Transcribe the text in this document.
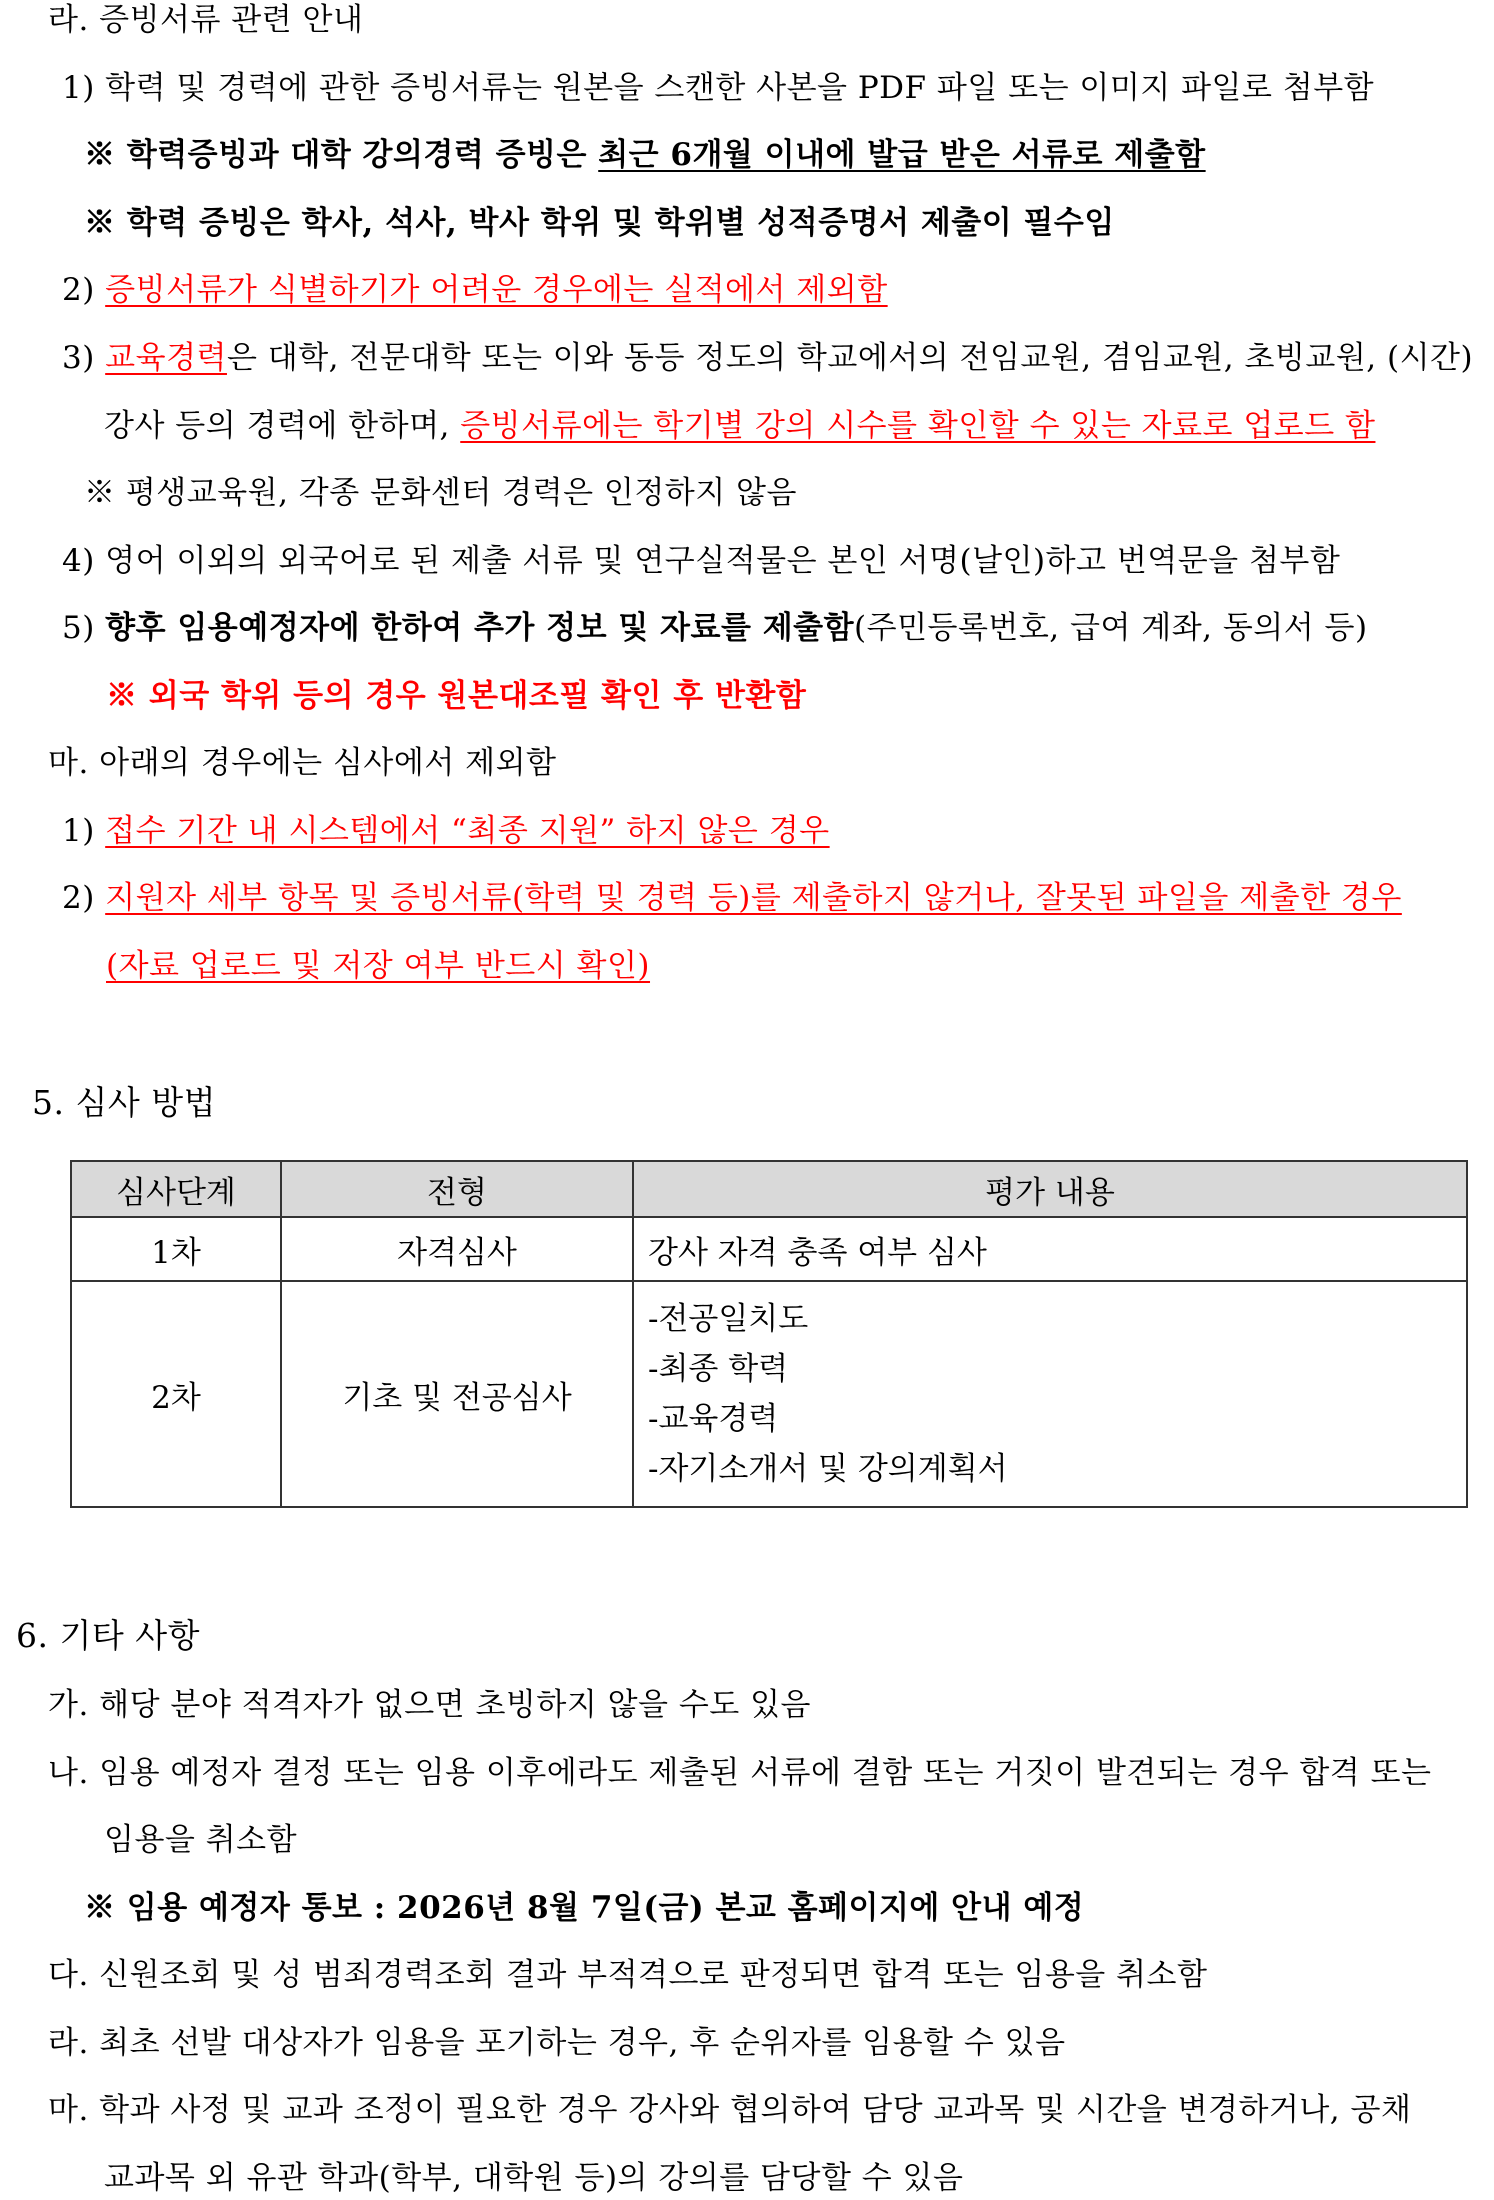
라. 증빙서류 관련 안내
1) 학력 및 경력에 관한 증빙서류는 원본을 스캔한 사본을 PDF 파일 또는 이미지 파일로 첨부함
※ 학력증빙과 대학 강의경력 증빙은 최근 6개월 이내에 발급 받은 서류로 제출함
※ 학력 증빙은 학사, 석사, 박사 학위 및 학위별 성적증명서 제출이 필수임
2) 증빙서류가 식별하기가 어려운 경우에는 실적에서 제외함
3) 교육경력은 대학, 전문대학 또는 이와 동등 정도의 학교에서의 전임교원, 겸임교원, 초빙교원, (시간)
강사 등의 경력에 한하며, 증빙서류에는 학기별 강의 시수를 확인할 수 있는 자료로 업로드 함
※ 평생교육원, 각종 문화센터 경력은 인정하지 않음
4) 영어 이외의 외국어로 된 제출 서류 및 연구실적물은 본인 서명(날인)하고 번역문을 첨부함
5) 향후 임용예정자에 한하여 추가 정보 및 자료를 제출함(주민등록번호, 급여 계좌, 동의서 등)
※ 외국 학위 등의 경우 원본대조필 확인 후 반환함
마. 아래의 경우에는 심사에서 제외함
1) 접수 기간 내 시스템에서 “최종 지원” 하지 않은 경우
2) 지원자 세부 항목 및 증빙서류(학력 및 경력 등)를 제출하지 않거나, 잘못된 파일을 제출한 경우
(자료 업로드 및 저장 여부 반드시 확인)
5. 심사 방법
심사단계	전형	평가 내용
1차	자격심사	강사 자격 충족 여부 심사
2차	기초 및 전공심사	-전공일치도
-최종 학력
-교육경력
-자기소개서 및 강의계획서
6. 기타 사항
가. 해당 분야 적격자가 없으면 초빙하지 않을 수도 있음
나. 임용 예정자 결정 또는 임용 이후에라도 제출된 서류에 결함 또는 거짓이 발견되는 경우 합격 또는
임용을 취소함
※ 임용 예정자 통보 : 2026년 8월 7일(금) 본교 홈페이지에 안내 예정
다. 신원조회 및 성 범죄경력조회 결과 부적격으로 판정되면 합격 또는 임용을 취소함
라. 최초 선발 대상자가 임용을 포기하는 경우, 후 순위자를 임용할 수 있음
마. 학과 사정 및 교과 조정이 필요한 경우 강사와 협의하여 담당 교과목 및 시간을 변경하거나, 공채
교과목 외 유관 학과(학부, 대학원 등)의 강의를 담당할 수 있음
